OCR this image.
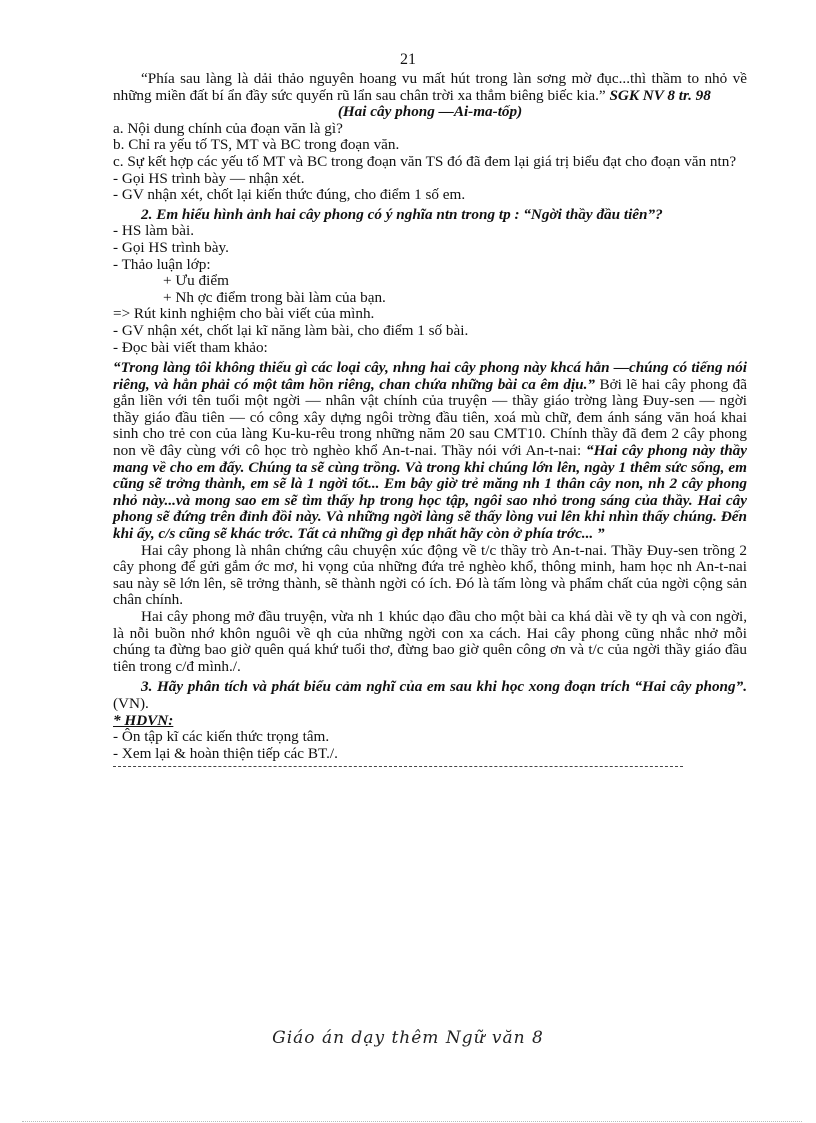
21

“Phía sau làng là dải thảo nguyên hoang vu mất hút trong làn sơng mờ đục...thì thầm to nhỏ về những miền đất bí ẩn đầy sức quyến rũ lẩn sau chân trời xa thẳm biêng biếc kia.” SGK NV 8 tr. 98

(Hai cây phong —Ai-ma-tốp)

a. Nội dung chính của đoạn văn là gì?

b. Chỉ ra yếu tố TS, MT và BC trong đoạn văn.

c. Sự kết hợp các yếu tố MT và BC trong đoạn văn TS đó đã đem lại giá trị biểu đạt cho đoạn văn ntn?

- Gọi HS trình bày — nhận xét.

- GV nhận xét, chốt lại kiến thức đúng, cho điểm 1 số em.

2. Em hiểu hình ảnh hai cây phong có ý nghĩa ntn trong tp : “Ngời thầy đầu tiên”?

- HS làm bài.

- Gọi HS trình bày.

- Thảo luận lớp:

+ Ưu điểm

+ Nh ợc điểm trong bài làm của bạn.

=> Rút kinh nghiệm cho bài viết của mình.

- GV nhận xét, chốt lại kĩ năng làm bài, cho điểm 1 số bài.

- Đọc bài viết tham khảo:

“Trong làng tôi không thiếu gì các loại cây, nhng hai cây phong này khcá hẳn —chúng có tiếng nói riêng, và hẳn phải có một tâm hồn riêng, chan chứa những bài ca êm dịu.” Bởi lẽ hai cây phong đã gắn liền với tên tuổi một ngời — nhân vật chính của truyện — thầy giáo trờng làng Đuy-sen — ngời thầy giáo đầu tiên — có công xây dựng ngôi trờng đầu tiên, xoá mù chữ, đem ánh sáng văn hoá khai sinh cho trẻ con của làng Ku-ku-rêu trong những năm 20 sau CMT10. Chính thầy đã đem 2 cây phong non về đây cùng với cô học trò nghèo khổ An-t-nai. Thầy nói với An-t-nai: “Hai cây phong này thầy mang về cho em đấy. Chúng ta sẽ cùng trồng. Và trong khi chúng lớn lên, ngày 1 thêm sức sống, em cũng sẽ trởng thành, em sẽ là 1 ngời tốt... Em bây giờ trẻ măng nh 1 thân cây non, nh 2 cây phong nhỏ này...và mong sao em sẽ tìm thấy hp trong học tập, ngôi sao nhỏ trong sáng của thầy. Hai cây phong sẽ đứng trên đỉnh đồi này. Và những ngời làng sẽ thấy lòng vui lên khi nhìn thấy chúng. Đến khi ấy, c/s cũng sẽ khác trớc. Tất cả những gì đẹp nhất hãy còn ở phía trớc... ”

Hai cây phong là nhân chứng câu chuyện xúc động về t/c thầy trò An-t-nai. Thầy Đuy-sen trồng 2 cây phong để gửi gắm ớc mơ, hi vọng của những đứa trẻ nghèo khổ, thông minh, ham học nh An-t-nai sau này sẽ lớn lên, sẽ trởng thành, sẽ thành ngời có ích. Đó là tấm lòng và phẩm chất của ngời cộng sản chân chính.

Hai cây phong mở đầu truyện, vừa nh 1 khúc dạo đầu cho một bài ca khá dài về ty qh và con ngời, là nỗi buồn nhớ khôn nguôi về qh của những ngời con xa cách. Hai cây phong cũng nhắc nhở mỗi chúng ta đừng bao giờ quên quá khứ tuổi thơ, đừng bao giờ quên công ơn và t/c của ngời thầy giáo đầu tiên trong c/đ mình./.

3. Hãy phân tích và phát biểu cảm nghĩ của em sau khi học xong đoạn trích “Hai cây phong”. (VN).

* HDVN:

- Ôn tập kĩ các kiến thức trọng tâm.

- Xem lại & hoàn thiện tiếp các BT./.

Giáo án dạy thêm Ngữ văn 8
